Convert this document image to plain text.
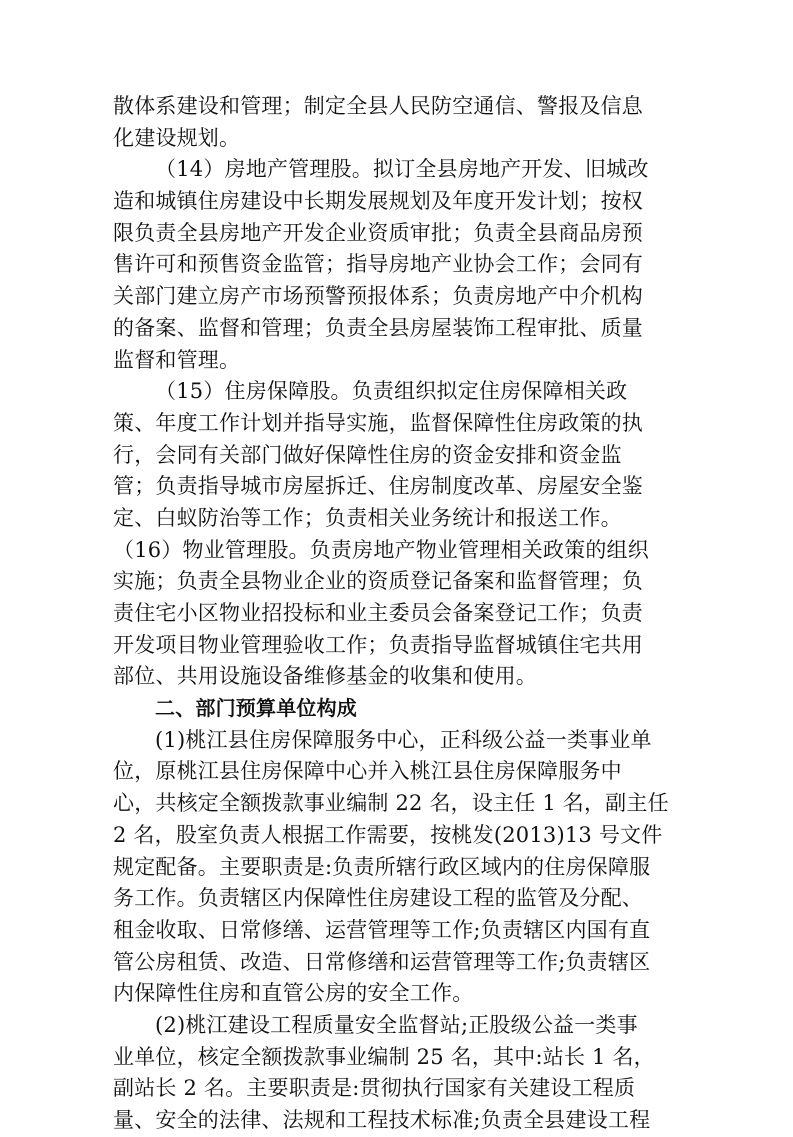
散体系建设和管理；制定全县人民防空通信、警报及信息
化建设规划。
（14）房地产管理股。拟订全县房地产开发、旧城改
造和城镇住房建设中长期发展规划及年度开发计划；按权
限负责全县房地产开发企业资质审批；负责全县商品房预
售许可和预售资金监管；指导房地产业协会工作；会同有
关部门建立房产市场预警预报体系；负责房地产中介机构
的备案、监督和管理；负责全县房屋装饰工程审批、质量
监督和管理。
（15）住房保障股。负责组织拟定住房保障相关政
策、年度工作计划并指导实施，监督保障性住房政策的执
行，会同有关部门做好保障性住房的资金安排和资金监
管；负责指导城市房屋拆迁、住房制度改革、房屋安全鉴
定、白蚁防治等工作；负责相关业务统计和报送工作。
（16）物业管理股。负责房地产物业管理相关政策的组织
实施；负责全县物业企业的资质登记备案和监督管理；负
责住宅小区物业招投标和业主委员会备案登记工作；负责
开发项目物业管理验收工作；负责指导监督城镇住宅共用
部位、共用设施设备维修基金的收集和使用。
二、部门预算单位构成
(1)桃江县住房保障服务中心，正科级公益一类事业单
位，原桃江县住房保障中心并入桃江县住房保障服务中
心，共核定全额拨款事业编制 22 名，设主任 1 名，副主任
2 名，股室负责人根据工作需要，按桃发(2013)13 号文件
规定配备。主要职责是:负责所辖行政区域内的住房保障服
务工作。负责辖区内保障性住房建设工程的监管及分配、
租金收取、日常修缮、运营管理等工作;负责辖区内国有直
管公房租赁、改造、日常修缮和运营管理等工作;负责辖区
内保障性住房和直管公房的安全工作。
(2)桃江建设工程质量安全监督站;正股级公益一类事
业单位，核定全额拨款事业编制 25 名，其中:站长 1 名，
副站长 2 名。主要职责是:贯彻执行国家有关建设工程质
量、安全的法律、法规和工程技术标准;负责全县建设工程
